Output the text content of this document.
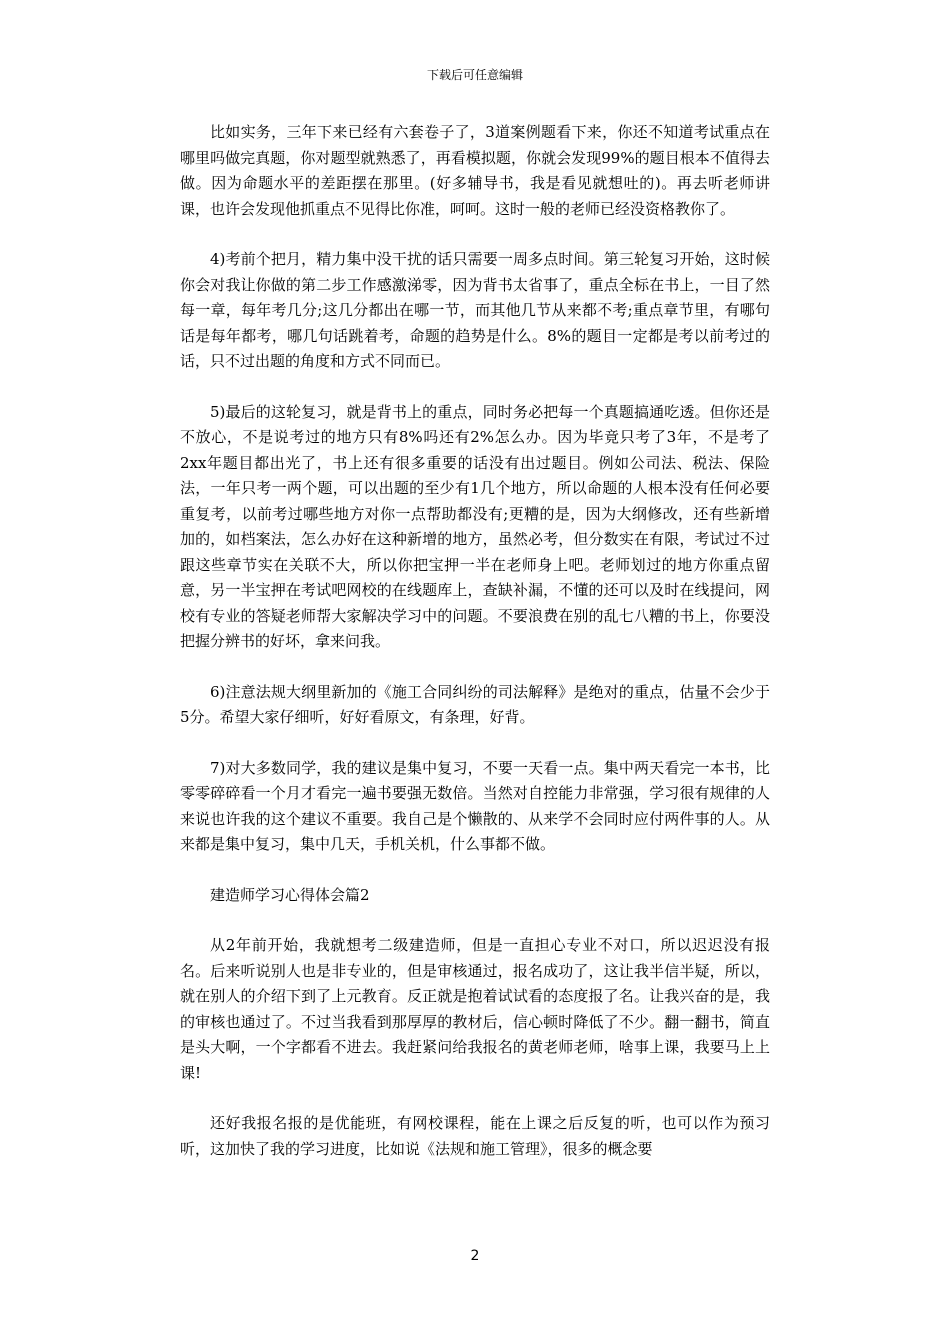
下载后可任意编辑

比如实务，三年下来已经有六套卷子了，3道案例题看下来，你还不知道考试重点在哪里吗做完真题，你对题型就熟悉了，再看模拟题，你就会发现99%的题目根本不值得去做。因为命题水平的差距摆在那里。(好多辅导书，我是看见就想吐的)。再去听老师讲课，也许会发现他抓重点不见得比你准，呵呵。这时一般的老师已经没资格教你了。

4)考前个把月，精力集中没干扰的话只需要一周多点时间。第三轮复习开始，这时候你会对我让你做的第二步工作感激涕零，因为背书太省事了，重点全标在书上，一目了然每一章，每年考几分;这几分都出在哪一节，而其他几节从来都不考;重点章节里，有哪句话是每年都考，哪几句话跳着考，命题的趋势是什么。8%的题目一定都是考以前考过的话，只不过出题的角度和方式不同而已。

5)最后的这轮复习，就是背书上的重点，同时务必把每一个真题搞通吃透。但你还是不放心，不是说考过的地方只有8%吗还有2%怎么办。因为毕竟只考了3年，不是考了2xx年题目都出光了，书上还有很多重要的话没有出过题目。例如公司法、税法、保险法，一年只考一两个题，可以出题的至少有1几个地方，所以命题的人根本没有任何必要重复考，以前考过哪些地方对你一点帮助都没有;更糟的是，因为大纲修改，还有些新增加的，如档案法，怎么办好在这种新增的地方，虽然必考，但分数实在有限，考试过不过跟这些章节实在关联不大，所以你把宝押一半在老师身上吧。老师划过的地方你重点留意，另一半宝押在考试吧网校的在线题库上，查缺补漏，不懂的还可以及时在线提问，网校有专业的答疑老师帮大家解决学习中的问题。不要浪费在别的乱七八糟的书上，你要没把握分辨书的好坏，拿来问我。

6)注意法规大纲里新加的《施工合同纠纷的司法解释》是绝对的重点，估量不会少于5分。希望大家仔细听，好好看原文，有条理，好背。

7)对大多数同学，我的建议是集中复习，不要一天看一点。集中两天看完一本书，比零零碎碎看一个月才看完一遍书要强无数倍。当然对自控能力非常强，学习很有规律的人来说也许我的这个建议不重要。我自己是个懒散的、从来学不会同时应付两件事的人。从来都是集中复习，集中几天，手机关机，什么事都不做。

建造师学习心得体会篇2

从2年前开始，我就想考二级建造师，但是一直担心专业不对口，所以迟迟没有报名。后来听说别人也是非专业的，但是审核通过，报名成功了，这让我半信半疑，所以，就在别人的介绍下到了上元教育。反正就是抱着试试看的态度报了名。让我兴奋的是，我的审核也通过了。不过当我看到那厚厚的教材后，信心顿时降低了不少。翻一翻书，简直是头大啊，一个字都看不进去。我赶紧问给我报名的黄老师老师，啥事上课，我要马上上课!

还好我报名报的是优能班，有网校课程，能在上课之后反复的听，也可以作为预习听，这加快了我的学习进度，比如说《法规和施工管理》，很多的概念要

2
